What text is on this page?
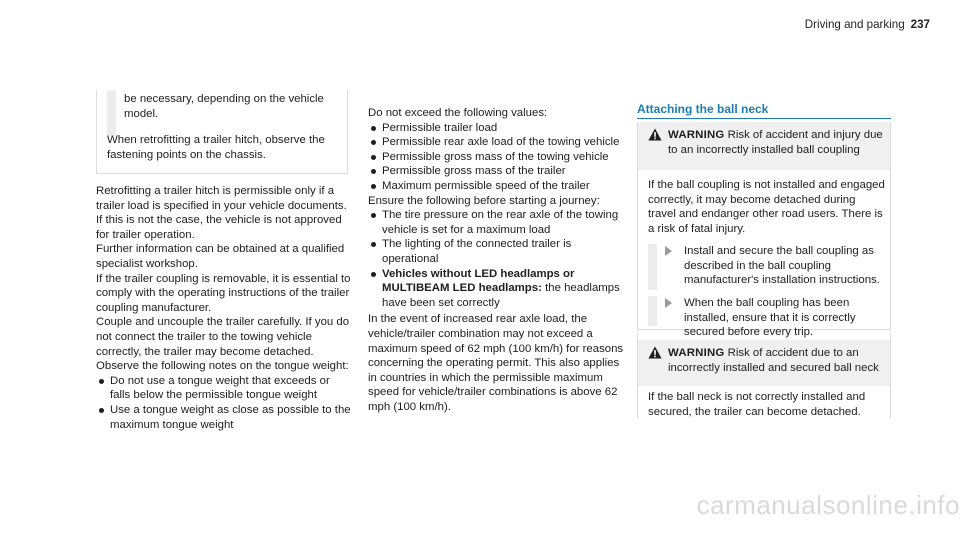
Driving and parking 237

be necessary, depending on the vehicle model.

When retrofitting a trailer hitch, observe the fastening points on the chassis.

Retrofitting a trailer hitch is permissible only if a trailer load is specified in your vehicle documents. If this is not the case, the vehicle is not approved for trailer operation.

Further information can be obtained at a qualified specialist workshop.

If the trailer coupling is removable, it is essential to comply with the operating instructions of the trailer coupling manufacturer.

Couple and uncouple the trailer carefully. If you do not connect the trailer to the towing vehicle correctly, the trailer may become detached.

Observe the following notes on the tongue weight:

Do not use a tongue weight that exceeds or falls below the permissible tongue weight
Use a tongue weight as close as possible to the maximum tongue weight

Do not exceed the following values:

Permissible trailer load
Permissible rear axle load of the towing vehicle
Permissible gross mass of the towing vehicle
Permissible gross mass of the trailer
Maximum permissible speed of the trailer

Ensure the following before starting a journey:

The tire pressure on the rear axle of the towing vehicle is set for a maximum load
The lighting of the connected trailer is operational
Vehicles without LED headlamps or MULTIBEAM LED headlamps: the headlamps have been set correctly

In the event of increased rear axle load, the vehicle/trailer combination may not exceed a maximum speed of 62 mph (100 km/h) for reasons concerning the operating permit. This also applies in countries in which the permissible maximum speed for vehicle/trailer combinations is above 62 mph (100 km/h).

Attaching the ball neck

WARNING Risk of accident and injury due to an incorrectly installed ball coupling

If the ball coupling is not installed and engaged correctly, it may become detached during travel and endanger other road users. There is a risk of fatal injury.

Install and secure the ball coupling as described in the ball coupling manufacturer's installation instructions.

When the ball coupling has been installed, ensure that it is correctly secured before every trip.

WARNING Risk of accident due to an incorrectly installed and secured ball neck

If the ball neck is not correctly installed and secured, the trailer can become detached.

carmanualsonline.info
